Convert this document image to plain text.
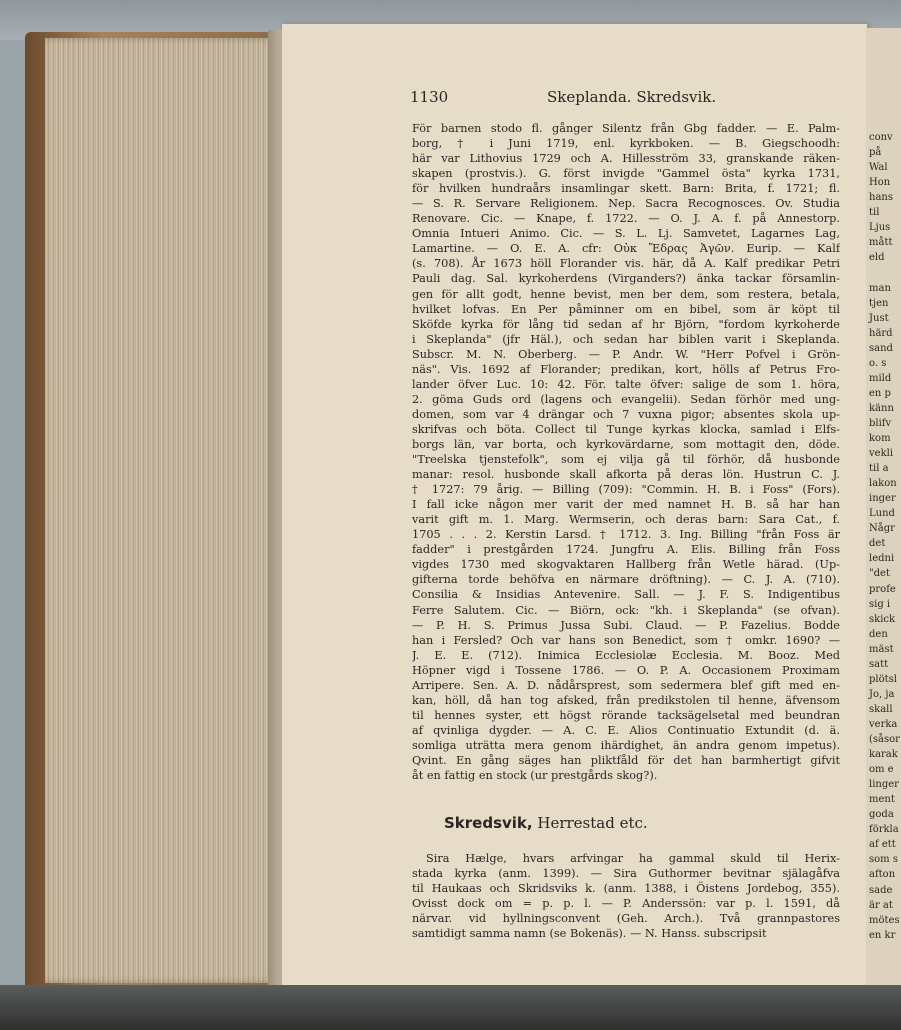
1130	Skeplanda. Skredsvik.
För barnen stodo fl. gånger Silentz från Gbg fadder. — E. Palm-
borg, † i Juni 1719, enl. kyrkboken. — B. Giegschoodh:
här var Lithovius 1729 och A. Hillesström 33, granskande räken-
skapen (prostvis.). G. först invigde "Gammel östa" kyrka 1731,
för hvilken hundraårs insamlingar skett. Barn: Brita, f. 1721; fl.
— S. R. Servare Religionem. Nep. Sacra Recognosces. Ov. Studia
Renovare. Cic. — Knape, f. 1722. — O. J. A. f. på Annestorp.
Omnia Intueri Animo. Cic. — S. L. Lj. Samvetet, Lagarnes Lag,
Lamartine. — O. E. A. cfr: Οὐκ Ἔδρας Ἀγῶν. Eurip. — Kalf
(s. 708). År 1673 höll Florander vis. här, då A. Kalf predikar Petri
Pauli dag. Sal. kyrkoherdens (Virganders?) änka tackar församlin-
gen för allt godt, henne bevist, men ber dem, som restera, betala,
hvilket lofvas. En Per påminner om en bibel, som är köpt til
Sköfde kyrka för lång tid sedan af hr Björn, "fordom kyrkoherde
i Skeplanda" (jfr Häl.), och sedan har biblen varit i Skeplanda.
Subscr. M. N. Oberberg. — P. Andr. W. "Herr Pofvel i Grön-
näs". Vis. 1692 af Florander; predikan, kort, hölls af Petrus Fro-
lander öfver Luc. 10: 42. För. talte öfver: salige de som 1. höra,
2. göma Guds ord (lagens och evangelii). Sedan förhör med ung-
domen, som var 4 drängar och 7 vuxna pigor; absentes skola up-
skrifvas och böta. Collect til Tunge kyrkas klocka, samlad i Elfs-
borgs län, var borta, och kyrkovärdarne, som mottagit den, döde.
"Treelska tjenstefolk", som ej vilja gå til förhör, då husbonde
manar: resol. husbonde skall afkorta på deras lön. Hustrun C. J.
† 1727: 79 årig. — Billing (709): "Commin. H. B. i Foss" (Fors).
I fall icke någon mer varit der med namnet H. B. så har han
varit gift m. 1. Marg. Wermserin, och deras barn: Sara Cat., f.
1705 . . . 2. Kerstin Larsd. † 1712. 3. Ing. Billing "från Foss är
fadder" i prestgården 1724. Jungfru A. Elis. Billing från Foss
vigdes 1730 med skogvaktaren Hallberg från Wetle härad. (Up-
gifterna torde behöfva en närmare dröftning). — C. J. A. (710).
Consilia & Insidias Antevenire. Sall. — J. F. S. Indigentibus
Ferre Salutem. Cic. — Biörn, ock: "kh. i Skeplanda" (se ofvan).
— P. H. S. Primus Jussa Subi. Claud. — P. Fazelius. Bodde
han i Fersled? Och var hans son Benedict, som † omkr. 1690? —
J. E. E. (712). Inimica Ecclesiolæ Ecclesia. M. Booz. Med
Höpner vigd i Tossene 1786. — O. P. A. Occasionem Proximam
Arripere. Sen. A. D. nådårsprest, som sedermera blef gift med en-
kan, höll, då han tog afsked, från predikstolen til henne, äfvensom
til hennes syster, ett högst rörande tacksägelsetal med beundran
af qvinliga dygder. — A. C. E. Alios Continuatio Extundit (d. ä.
somliga uträtta mera genom ihärdighet, än andra genom impetus).
Qvint. En gång säges han pliktfåld för det han barmhertigt gifvit
åt en fattig en stock (ur prestgårds skog?).
Skredsvik, Herrestad etc.
Sira Hælge, hvars arfvingar ha gammal skuld til Herix-
stada kyrka (anm. 1399). — Sira Guthormer bevitnar själagåfva
til Haukaas och Skridsviks k. (anm. 1388, i Öistens Jordebog, 355).
Ovisst dock om = p. p. l. — P. Anderssön: var p. l. 1591, då
närvar. vid hyllningsconvent (Geh. Arch.). Två grannpastores
samtidigt samma namn (se Bokenäs). — N. Hanss. subscripsit
conv
på
Wal
Hon
hans
til
Ljus
mått
eld
man
tjen
Just
härd
sand
o. s
mild
en p
känn
blifv
kom
vekli
til a
lakon
inger
Lund
Någr
det
ledni
"det
profe
sig i
skick
den
mäst
satt
plötsl
Jo, ja
skall
verka
(såsor
karak
om e
linger
ment
goda
förkla
af ett
som s
afton
sade
är at
mötes
en kr
